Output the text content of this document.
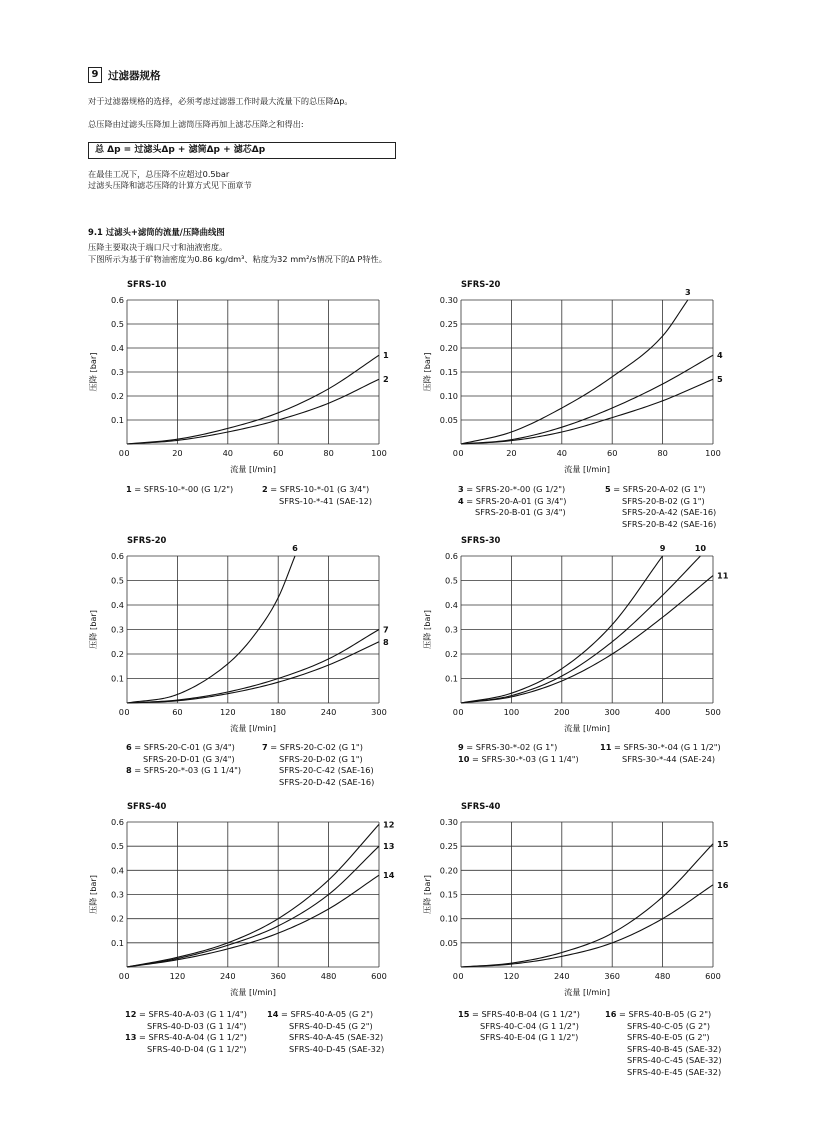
9 过滤器规格
对于过滤器规格的选择，必须考虑过滤器工作时最大流量下的总压降Δp。
总压降由过滤头压降加上滤筒压降再加上滤芯压降之和得出:
总 Δp = 过滤头Δp + 滤筒Δp + 滤芯Δp
在最佳工况下，总压降不应超过0.5bar
过滤头压降和滤芯压降的计算方式见下面章节
9.1 过滤头+滤筒的流量/压降曲线图
压降主要取决于端口尺寸和油液密度。
下图所示为基于矿物油密度为0.86 kg/dm³、粘度为32 mm²/s情况下的Δ P特性。
SFRS-10
0	20	40	60	80	100
0.1
0.2
0.3
0.4
0.5
0.6
0
流量 [l/min]
压降 [bar]	1
2
SFRS-20
0	20	40	60	80	100
0.05
0.10
0.15
0.20
0.25
0.30
0
流量 [l/min]
压降 [bar]
3
4
5
SFRS-20
0	60	120	180	240	300
0.1
0.2
0.3
0.4
0.5
0.6
0
流量 [l/min]
压降 [bar]
6
7
8
SFRS-30
0	100	200	300	400	500
0.1
0.2
0.3
0.4
0.5
0.6
0
流量 [l/min]
压降 [bar]
9	10
11
SFRS-40
0	120	240	360	480	600
0.1
0.2
0.3
0.4
0.5
0.6
0
流量 [l/min]
压降 [bar]
12
13
14
SFRS-40
0	120	240	360	480	600
0.05
0.10
0.15
0.20
0.25
0.30
0
流量 [l/min]
压降 [bar]
15
16
1 = SFRS-10-*-00 (G 1/2")	2 = SFRS-10-*-01 (G 3/4")
SFRS-10-*-41 (SAE-12)
3 = SFRS-20-*-00 (G 1/2")
4 = SFRS-20-A-01 (G 3/4")
SFRS-20-B-01 (G 3/4")
5 = SFRS-20-A-02 (G 1")
SFRS-20-B-02 (G 1")
SFRS-20-A-42 (SAE-16)
SFRS-20-B-42 (SAE-16)
6 = SFRS-20-C-01 (G 3/4")
SFRS-20-D-01 (G 3/4")
8 = SFRS-20-*-03 (G 1 1/4")
7 = SFRS-20-C-02 (G 1")
SFRS-20-D-02 (G 1")
SFRS-20-C-42 (SAE-16)
SFRS-20-D-42 (SAE-16)
9 = SFRS-30-*-02 (G 1")
10 = SFRS-30-*-03 (G 1 1/4")
11 = SFRS-30-*-04 (G 1 1/2")
SFRS-30-*-44 (SAE-24)
12 = SFRS-40-A-03 (G 1 1/4")
SFRS-40-D-03 (G 1 1/4")
13 = SFRS-40-A-04 (G 1 1/2")
SFRS-40-D-04 (G 1 1/2")
14 = SFRS-40-A-05 (G 2")
SFRS-40-D-45 (G 2")
SFRS-40-A-45 (SAE-32)
SFRS-40-D-45 (SAE-32)
15 = SFRS-40-B-04 (G 1 1/2")
SFRS-40-C-04 (G 1 1/2")
SFRS-40-E-04 (G 1 1/2")
16 = SFRS-40-B-05 (G 2")
SFRS-40-C-05 (G 2")
SFRS-40-E-05 (G 2")
SFRS-40-B-45 (SAE-32)
SFRS-40-C-45 (SAE-32)
SFRS-40-E-45 (SAE-32)
